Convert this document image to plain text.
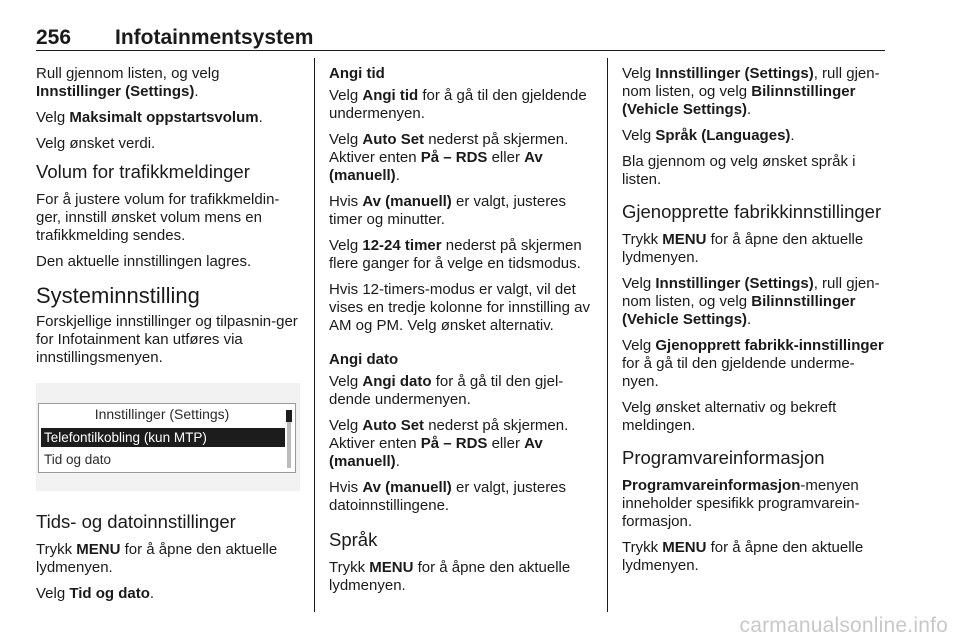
256 Infotainmentsystem

Rull gjennom listen, og velg Innstillinger (Settings).

Velg Maksimalt oppstartsvolum.

Velg ønsket verdi.

Volum for trafikkmeldinger

For å justere volum for trafikkmeldin-ger, innstill ønsket volum mens en trafikkmelding sendes.

Den aktuelle innstillingen lagres.

Systeminnstilling

Forskjellige innstillinger og tilpasnin-ger for Infotainment kan utføres via innstillingsmenyen.

Innstillinger (Settings)
Telefontilkobling (kun MTP)
Tid og dato
Tids- og datoinnstillinger

Trykk MENU for å åpne den aktuelle lydmenyen.

Velg Tid og dato.

Angi tid

Velg Angi tid for å gå til den gjeldende undermenyen.

Velg Auto Set nederst på skjermen. Aktiver enten På – RDS eller Av (manuell).

Hvis Av (manuell) er valgt, justeres timer og minutter.

Velg 12-24 timer nederst på skjermen flere ganger for å velge en tidsmodus.

Hvis 12-timers-modus er valgt, vil det vises en tredje kolonne for innstilling av AM og PM. Velg ønsket alternativ.

Angi dato

Velg Angi dato for å gå til den gjel-dende undermenyen.

Velg Auto Set nederst på skjermen. Aktiver enten På – RDS eller Av (manuell).

Hvis Av (manuell) er valgt, justeres datoinnstillingene.

Språk

Trykk MENU for å åpne den aktuelle lydmenyen.

Velg Innstillinger (Settings), rull gjen-nom listen, og velg Bilinnstillinger (Vehicle Settings).

Velg Språk (Languages).

Bla gjennom og velg ønsket språk i listen.

Gjenopprette fabrikkinnstillinger

Trykk MENU for å åpne den aktuelle lydmenyen.

Velg Innstillinger (Settings), rull gjen-nom listen, og velg Bilinnstillinger (Vehicle Settings).

Velg Gjenopprett fabrikk-innstillinger for å gå til den gjeldende underme-nyen.

Velg ønsket alternativ og bekreft meldingen.

Programvareinformasjon

Programvareinformasjon-menyen inneholder spesifikk programvarein-formasjon.

Trykk MENU for å åpne den aktuelle lydmenyen.

carmanualsonline.info
